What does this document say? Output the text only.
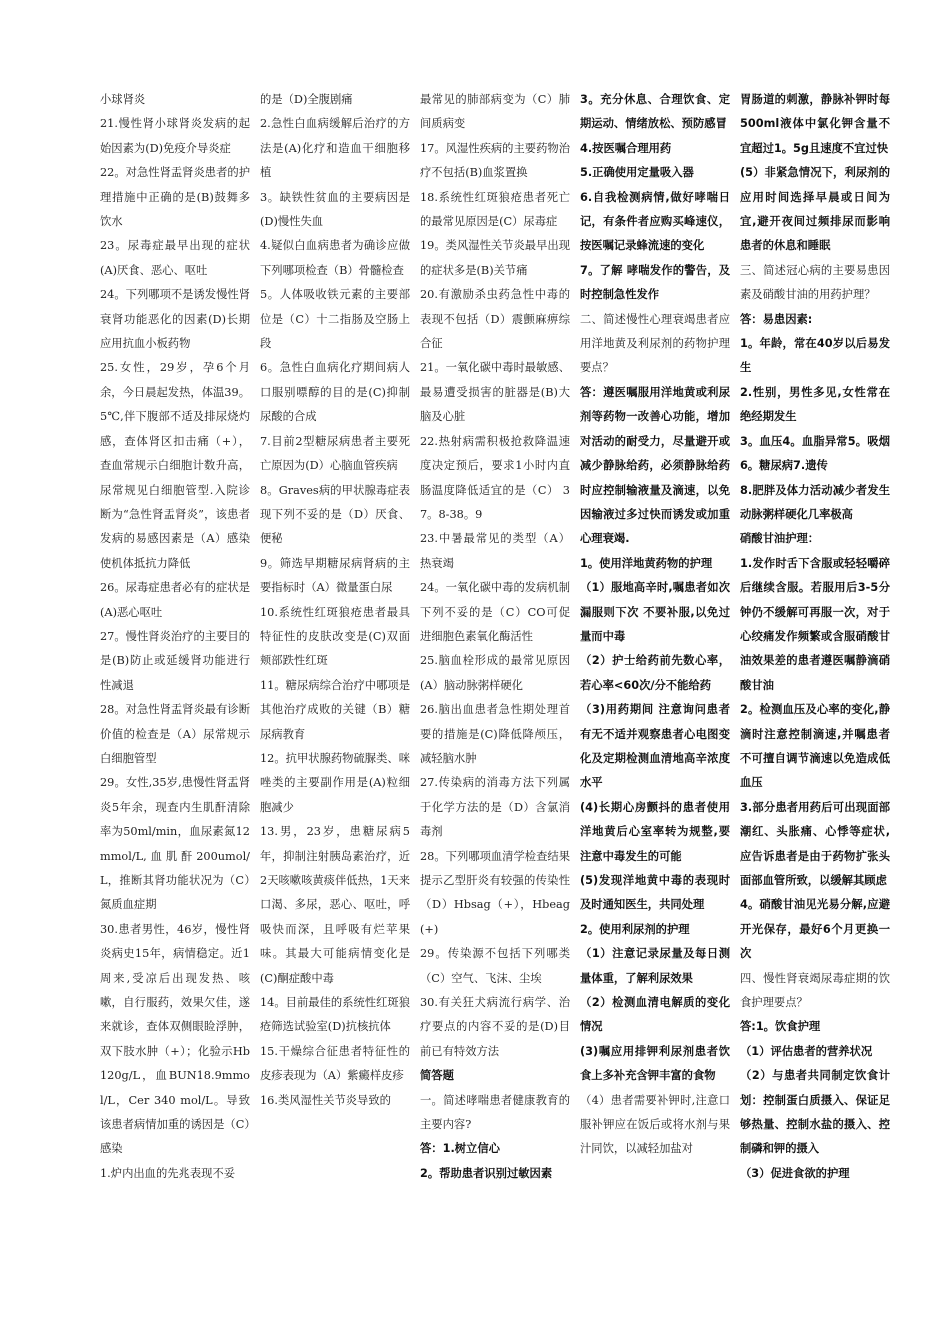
小球肾炎

21.慢性肾小球肾炎发病的起始因素为(D)免疫介导炎症

22。对急性肾盂肾炎患者的护理措施中正确的是(B)鼓舞多饮水

23。尿毒症最早出现的症状(A)厌食、恶心、呕吐

24。下列哪项不是诱发慢性肾衰肾功能恶化的因素(D)长期应用抗血小板药物

25.女性，29岁，孕6个月余，今日晨起发热，体温39。5℃,伴下腹部不适及排尿烧灼感，查体肾区扣击痛（+），查血常规示白细胞计数升高，尿常规见白细胞管型.入院诊断为“急性肾盂肾炎”，该患者发病的易感因素是（A）感染使机体抵抗力降低

26。尿毒症患者必有的症状是(A)恶心呕吐

27。慢性肾炎治疗的主要目的是(B)防止或延缓肾功能进行性减退

28。对急性肾盂肾炎最有诊断价值的检查是（A）尿常规示白细胞管型

29。女性,35岁,患慢性肾盂肾炎5年余，现查内生肌酐清除率为50ml/min，血尿素氮12mmol/L,血肌酐200umol/L，推断其肾功能状况为（C）氮质血症期

30.患者男性，46岁，慢性肾炎病史15年，病情稳定。近1周来,受凉后出现发热、咳嗽，自行服药，效果欠佳，遂来就诊，查体双侧眼睑浮肿，双下肢水肿（+）；化验示Hb 120g/L，血BUN18.9mmol/L，Cer 340 mol/L。导致该患者病情加重的诱因是（C）感染

1.炉内出血的先兆表现不妥

的是（D)全腹剧痛

2.急性白血病缓解后治疗的方法是(A)化疗和造血干细胞移植

3。缺铁性贫血的主要病因是(D)慢性失血

4.疑似白血病患者为确诊应做下列哪项检查（B）骨髓检查

5。人体吸收铁元素的主要部位是（C）十二指肠及空肠上段

6。急性白血病化疗期间病人口服别嘌醇的目的是(C)抑制尿酸的合成

7.目前2型糖尿病患者主要死亡原因为(D）心脑血管疾病

8。Graves病的甲状腺毒症表现下列不妥的是（D）厌食、便秘

9。筛选早期糖尿病肾病的主要指标时（A）微量蛋白尿

10.系统性红斑狼疮患者最具特征性的皮肤改变是(C)双面颊部跌性红斑

11。糖尿病综合治疗中哪项是其他治疗成败的关键（B）糖尿病教育

12。抗甲状腺药物硫脲类、咪唑类的主要副作用是(A)粒细胞减少

13.男，23岁，患糖尿病5年，抑制注射胰岛素治疗，近2天咳嗽咳黄痰伴低热，1天来口渴、多尿，恶心、呕吐，呼吸快而深，且呼吸有烂苹果味。其最大可能病情变化是(C)酮症酸中毒

14。目前最佳的系统性红斑狼疮筛选试验室(D)抗核抗体

15.干燥综合征患者特征性的皮疹表现为（A）紫癜样皮疹

16.类风湿性关节炎导致的

最常见的肺部病变为（C）肺间质病变

17。风湿性疾病的主要药物治疗不包括(B)血浆置换

18.系统性红斑狼疮患者死亡的最常见原因是(C）尿毒症

19。类风湿性关节炎最早出现的症状多是(B)关节痛

20.有激励杀虫药急性中毒的表现不包括（D）震颤麻痹综合征

21。一氧化碳中毒时最敏感、最易遭受损害的脏器是(B)大脑及心脏

22.热射病需积极抢救降温速度决定预后，要求1小时内直肠温度降低适宜的是（C） 37。8-38。9

23.中暑最常见的类型（A）热衰竭

24。一氧化碳中毒的发病机制下列不妥的是（C）CO可促进细胞色素氧化酶活性

25.脑血栓形成的最常见原因(A）脑动脉粥样硬化

26.脑出血患者急性期处理首要的措施是(C)降低降颅压，减轻脑水肿

27.传染病的消毒方法下列属于化学方法的是（D）含氯消毒剂

28。下列哪项血清学检查结果提示乙型肝炎有较强的传染性（D）Hbsag（+），Hbeag(+)

29。传染源不包括下列哪类（C）空气、飞沫、尘埃

30.有关狂犬病流行病学、治疗要点的内容不妥的是(D)目前已有特效方法

简答题

一。简述哮喘患者健康教育的主要内容?

答：1.树立信心

2。帮助患者识别过敏因素

3。充分休息、合理饮食、定期运动、情绪放松、预防感冒

4.按医嘱合理用药

5.正确使用定量吸入器

6.自我检测病情,做好哮喘日记，有条件者应购买峰速仪，按医嘱记录蜂流速的变化

7。了解 哮喘发作的警告，及时控制急性发作

二、简述慢性心理衰竭患者应用洋地黄及利尿剂的药物护理要点？

答：遵医嘱服用洋地黄或利尿剂等药物一改善心功能，增加对活动的耐受力，尽量避开或减少静脉给药，必须静脉给药时应控制输液量及滴速，以免因输液过多过快而诱发或加重心理衰竭.

1。使用洋地黄药物的护理

（1）服地高辛时,嘱患者如次漏服则下次 不要补服,以免过量而中毒

（2）护士给药前先数心率，若心率<60次/分不能给药

（3)用药期间 注意询问患者有无不适并观察患者心电图变化及定期检测血清地高辛浓度水平

(4)长期心房颤抖的患者使用洋地黄后心室率转为规整,要注意中毒发生的可能

(5)发现洋地黄中毒的表现时及时通知医生，共同处理

2。使用利尿剂的护理

（1）注意记录尿量及每日测量体重，了解利尿效果

（2）检测血清电解质的变化情况

(3)嘱应用排钾利尿剂患者饮食上多补充含钾丰富的食物

（4）患者需要补钾时,注意口服补钾应在饭后或将水剂与果汁同饮，以减轻加盐对

胃肠道的刺激，静脉补钾时每500ml液体中氯化钾含量不宜超过1。5g且速度不宜过快

(5）非紧急情况下，利尿剂的应用时间选择早晨或日间为宜,避开夜间过频排尿而影响患者的休息和睡眠

三、简述冠心病的主要易患因素及硝酸甘油的用药护理？

答：易患因素:

1。年龄，常在40岁以后易发生

2.性别，男性多见,女性常在绝经期发生

3。血压4。血脂异常5。吸烟6。糖尿病7.遗传

8.肥胖及体力活动减少者发生动脉粥样硬化几率极高

硝酸甘油护理：

1.发作时舌下含服或轻轻嚼碎后继续含服。若服用后3-5分钟仍不缓解可再服一次，对于心绞痛发作频繁或含服硝酸甘油效果差的患者遵医嘱静滴硝酸甘油

2。检测血压及心率的变化,静滴时注意控制滴速,并嘱患者不可擅自调节滴速以免造成低血压

3.部分患者用药后可出现面部潮红、头胀痛、心悸等症状,应告诉患者是由于药物扩张头面部血管所致，以缓解其顾虑

4。硝酸甘油见光易分解,应避开光保存，最好6个月更换一次

四、慢性肾衰竭尿毒症期的饮食护理要点？

答:1。饮食护理

（1）评估患者的营养状况

（2）与患者共同制定饮食计划：控制蛋白质摄入、保证足够热量、控制水盐的摄入、控制磷和钾的摄入

（3）促进食欲的护理
